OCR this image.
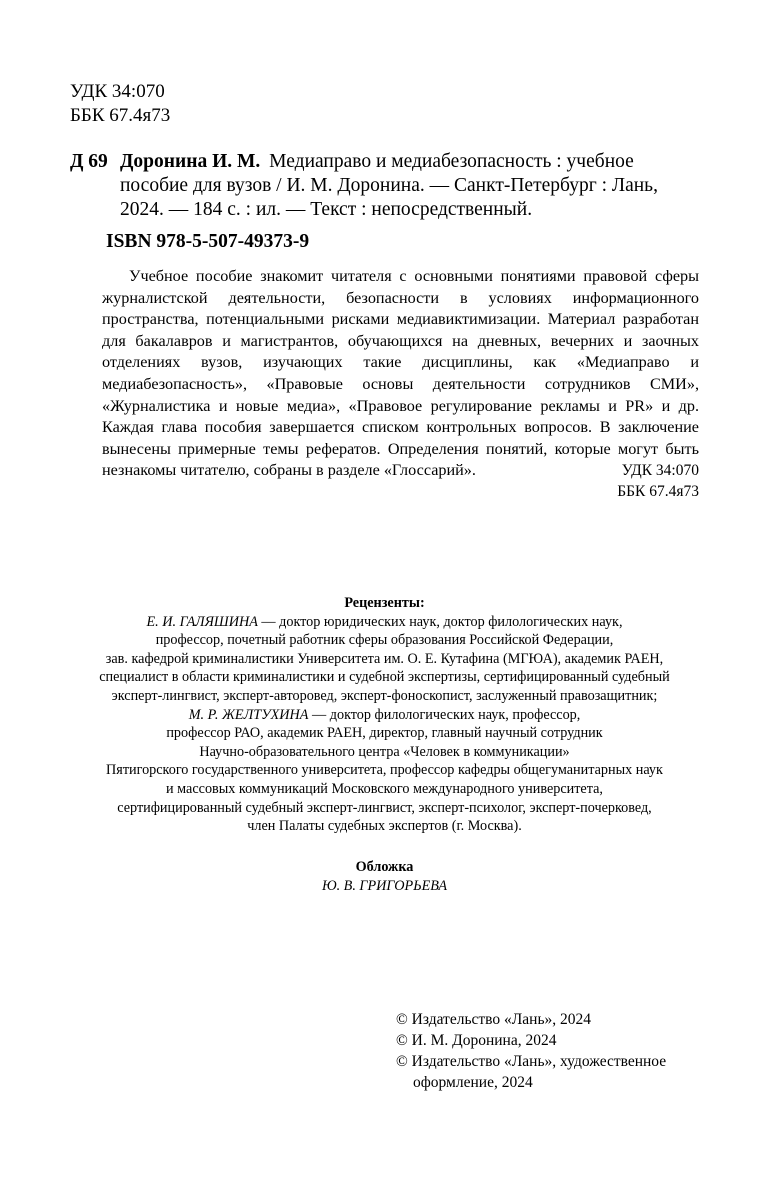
УДК 34:070
ББК 67.4я73
Д 69 Доронина И. М. Медиаправо и медиабезопасность : учебное
пособие для вузов / И. М. Доронина. — Санкт-Петербург : Лань,
2024. — 184 с. : ил. — Текст : непосредственный.
ISBN 978-5-507-49373-9

Учебное пособие знакомит читателя с основными понятиями правовой сферы журналистской деятельности, безопасности в условиях информационного пространства, потенциальными рисками медиавиктимизации. Материал разработан для бакалавров и магистрантов, обучающихся на дневных, вечерних и заочных отделениях вузов, изучающих такие дисциплины, как «Медиаправо и медиабезопасность», «Правовые основы деятельности сотрудников СМИ», «Журналистика и новые медиа», «Правовое регулирование рекламы и PR» и др. Каждая глава пособия завершается списком контрольных вопросов. В заключение вынесены примерные темы рефератов. Определения понятий, которые могут быть незнакомы читателю, собраны в разделе «Глоссарий».	УДК 34:070
ББК 67.4я73
Рецензенты:
Е. И. ГАЛЯШИНА — доктор юридических наук, доктор филологических наук,
профессор, почетный работник сферы образования Российской Федерации,
зав. кафедрой криминалистики Университета им. О. Е. Кутафина (МГЮА), академик РАЕН,
специалист в области криминалистики и судебной экспертизы, сертифицированный судебный
эксперт-лингвист, эксперт-авторовед, эксперт-фоноскопист, заслуженный правозащитник;
М. Р. ЖЕЛТУХИНА — доктор филологических наук, профессор,
профессор РАО, академик РАЕН, директор, главный научный сотрудник
Научно-образовательного центра «Человек в коммуникации»
Пятигорского государственного университета, профессор кафедры общегуманитарных наук
и массовых коммуникаций Московского международного университета,
сертифицированный судебный эксперт-лингвист, эксперт-психолог, эксперт-почерковед,
член Палаты судебных экспертов (г. Москва).
Обложка
Ю. В. ГРИГОРЬЕВА
© Издательство «Лань», 2024
© И. М. Доронина, 2024
© Издательство «Лань», художественное
оформление, 2024
